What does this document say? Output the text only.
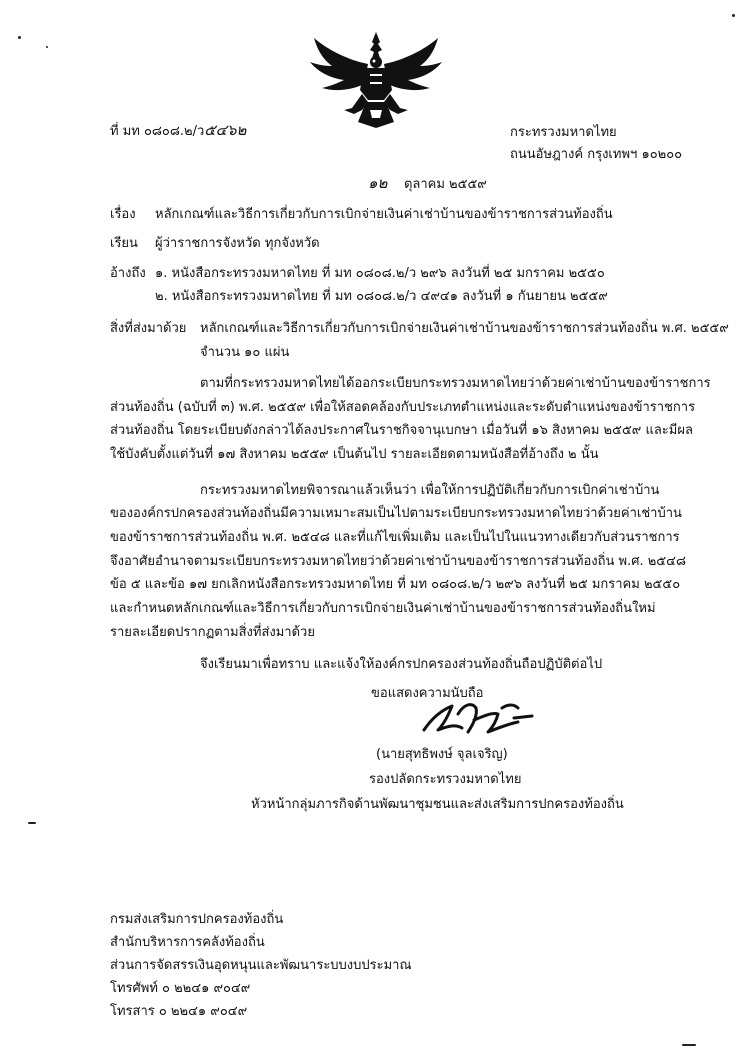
ที่ มท ๐๘๐๘.๒/ว๕๔๖๒	กระทรวงมหาดไทย
ถนนอัษฎางค์ กรุงเทพฯ ๑๐๒๐๐
๑๒ ตุลาคม ๒๕๕๙
เรื่อง หลักเกณฑ์และวิธีการเกี่ยวกับการเบิกจ่ายเงินค่าเช่าบ้านของข้าราชการส่วนท้องถิ่น
เรียน ผู้ว่าราชการจังหวัด ทุกจังหวัด
อ้างถึง ๑. หนังสือกระทรวงมหาดไทย ที่ มท ๐๘๐๘.๒/ว ๒๙๖ ลงวันที่ ๒๕ มกราคม ๒๕๕๐
๒. หนังสือกระทรวงมหาดไทย ที่ มท ๐๘๐๘.๒/ว ๔๙๔๑ ลงวันที่ ๑ กันยายน ๒๕๕๙
สิ่งที่ส่งมาด้วย หลักเกณฑ์และวิธีการเกี่ยวกับการเบิกจ่ายเงินค่าเช่าบ้านของข้าราชการส่วนท้องถิ่น พ.ศ. ๒๕๕๙
จำนวน ๑๐ แผ่น
ตามที่กระทรวงมหาดไทยได้ออกระเบียบกระทรวงมหาดไทยว่าด้วยค่าเช่าบ้านของข้าราชการ
ส่วนท้องถิ่น (ฉบับที่ ๓) พ.ศ. ๒๕๕๙ เพื่อให้สอดคล้องกับประเภทตำแหน่งและระดับตำแหน่งของข้าราชการ
ส่วนท้องถิ่น โดยระเบียบดังกล่าวได้ลงประกาศในราชกิจจานุเบกษา เมื่อวันที่ ๑๖ สิงหาคม ๒๕๕๙ และมีผล
ใช้บังคับตั้งแต่วันที่ ๑๗ สิงหาคม ๒๕๕๙ เป็นต้นไป รายละเอียดตามหนังสือที่อ้างถึง ๒ นั้น
กระทรวงมหาดไทยพิจารณาแล้วเห็นว่า เพื่อให้การปฏิบัติเกี่ยวกับการเบิกค่าเช่าบ้าน
ขององค์กรปกครองส่วนท้องถิ่นมีความเหมาะสมเป็นไปตามระเบียบกระทรวงมหาดไทยว่าด้วยค่าเช่าบ้าน
ของข้าราชการส่วนท้องถิ่น พ.ศ. ๒๕๔๘ และที่แก้ไขเพิ่มเติม และเป็นไปในแนวทางเดียวกับส่วนราชการ
จึงอาศัยอำนาจตามระเบียบกระทรวงมหาดไทยว่าด้วยค่าเช่าบ้านของข้าราชการส่วนท้องถิ่น พ.ศ. ๒๕๔๘
ข้อ ๕ และข้อ ๑๗ ยกเลิกหนังสือกระทรวงมหาดไทย ที่ มท ๐๘๐๘.๒/ว ๒๙๖ ลงวันที่ ๒๕ มกราคม ๒๕๕๐
และกำหนดหลักเกณฑ์และวิธีการเกี่ยวกับการเบิกจ่ายเงินค่าเช่าบ้านของข้าราชการส่วนท้องถิ่นใหม่
รายละเอียดปรากฏตามสิ่งที่ส่งมาด้วย
จึงเรียนมาเพื่อทราบ และแจ้งให้องค์กรปกครองส่วนท้องถิ่นถือปฏิบัติต่อไป
ขอแสดงความนับถือ
(นายสุทธิพงษ์ จุลเจริญ)
รองปลัดกระทรวงมหาดไทย
หัวหน้ากลุ่มภารกิจด้านพัฒนาชุมชนและส่งเสริมการปกครองท้องถิ่น
กรมส่งเสริมการปกครองท้องถิ่น
สำนักบริหารการคลังท้องถิ่น
ส่วนการจัดสรรเงินอุดหนุนและพัฒนาระบบงบประมาณ
โทรศัพท์ ๐ ๒๒๔๑ ๙๐๔๙
โทรสาร ๐ ๒๒๔๑ ๙๐๔๙
